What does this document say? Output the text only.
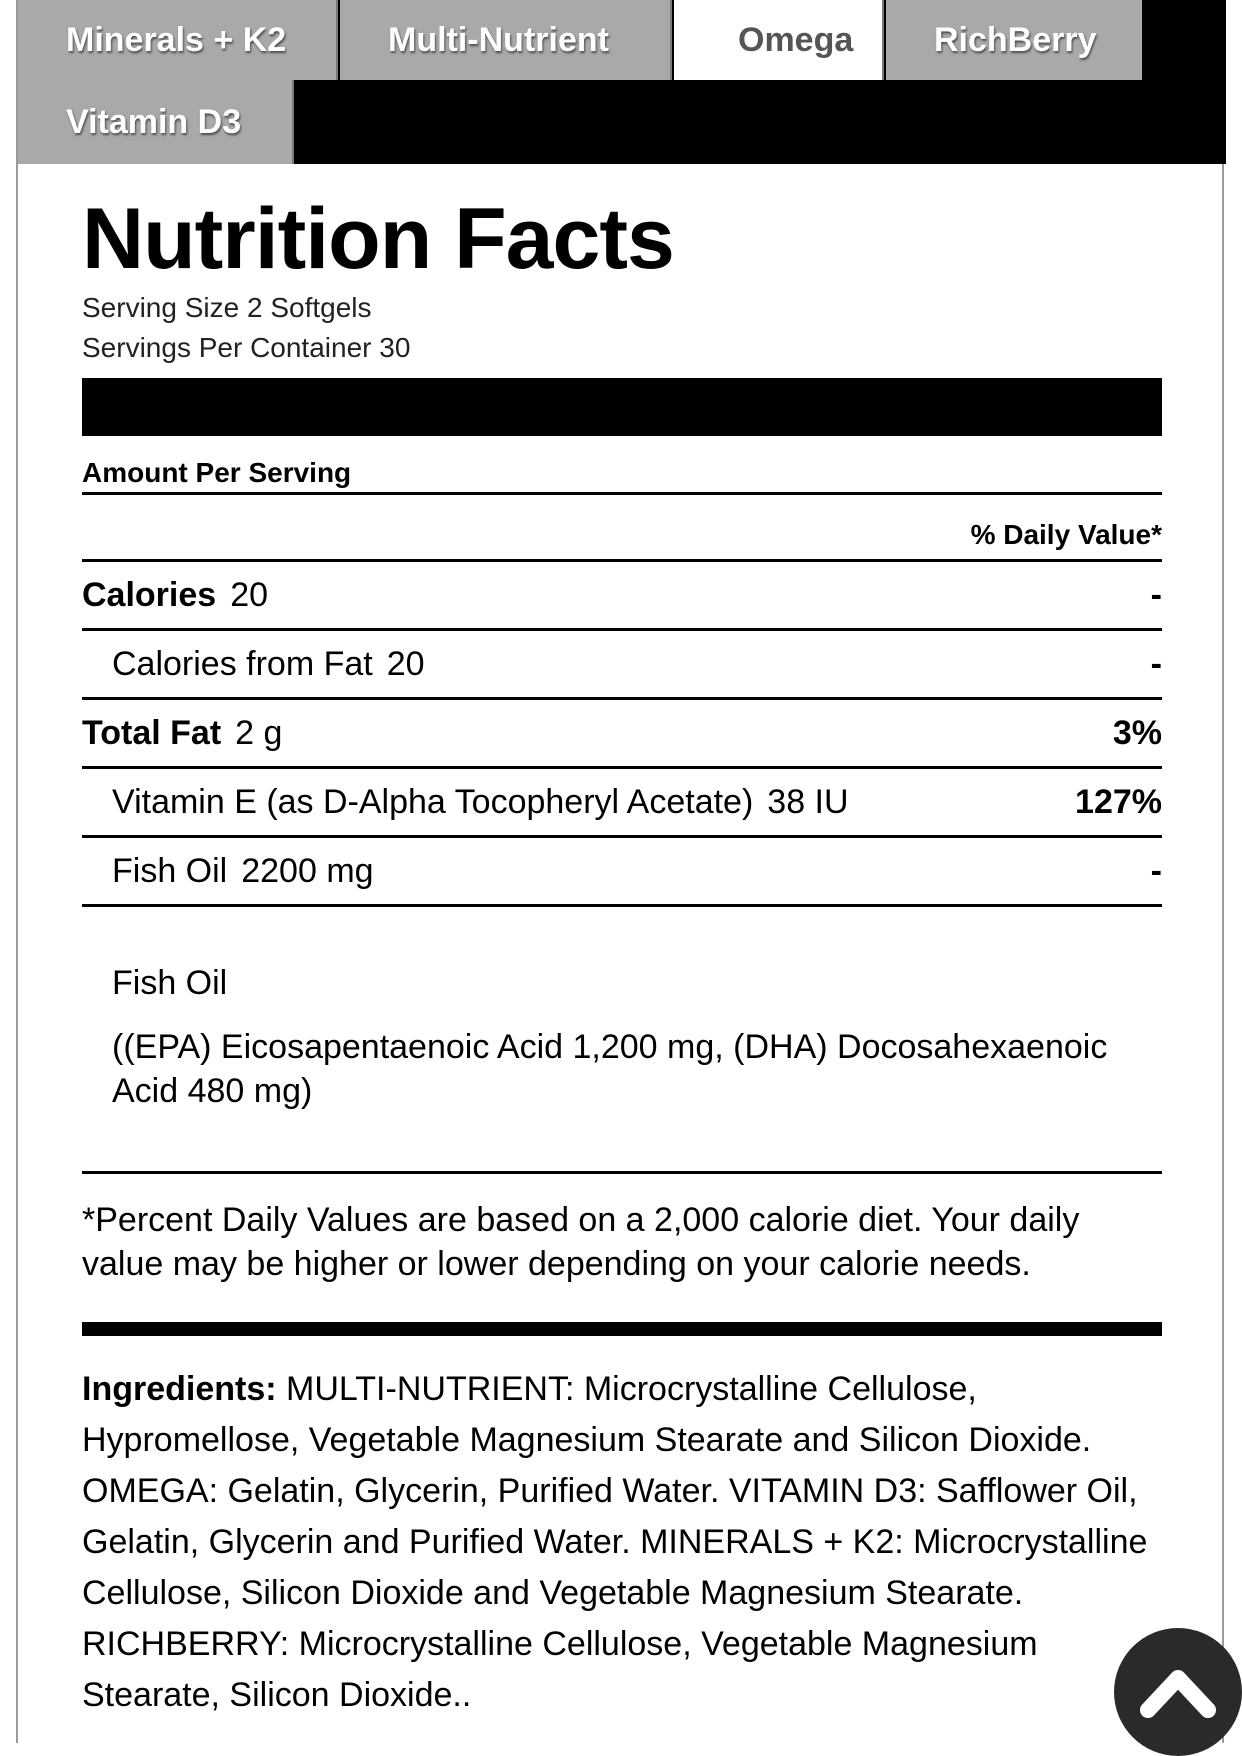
Minerals + K2	Multi-Nutrient	Omega RichBerry
Vitamin D3
Nutrition Facts
Serving Size 2 Softgels
Servings Per Container 30
Amount Per Serving
% Daily Value*
Calories 20	-
Calories from Fat 20	-
Total Fat 2 g	3%
Vitamin E (as D-Alpha Tocopheryl Acetate) 38 IU	127%
Fish Oil 2200 mg	-
Fish Oil
((EPA) Eicosapentaenoic Acid 1,200 mg, (DHA) Docosahexaenoic Acid 480 mg)
*Percent Daily Values are based on a 2,000 calorie diet. Your daily value may be higher or lower depending on your calorie needs.
Ingredients: MULTI-NUTRIENT: Microcrystalline Cellulose, Hypromellose, Vegetable Magnesium Stearate and Silicon Dioxide. OMEGA: Gelatin, Glycerin, Purified Water. VITAMIN D3: Safflower Oil, Gelatin, Glycerin and Purified Water. MINERALS + K2: Microcrystalline Cellulose, Silicon Dioxide and Vegetable Magnesium Stearate. RICHBERRY: Microcrystalline Cellulose, Vegetable Magnesium Stearate, Silicon Dioxide..
